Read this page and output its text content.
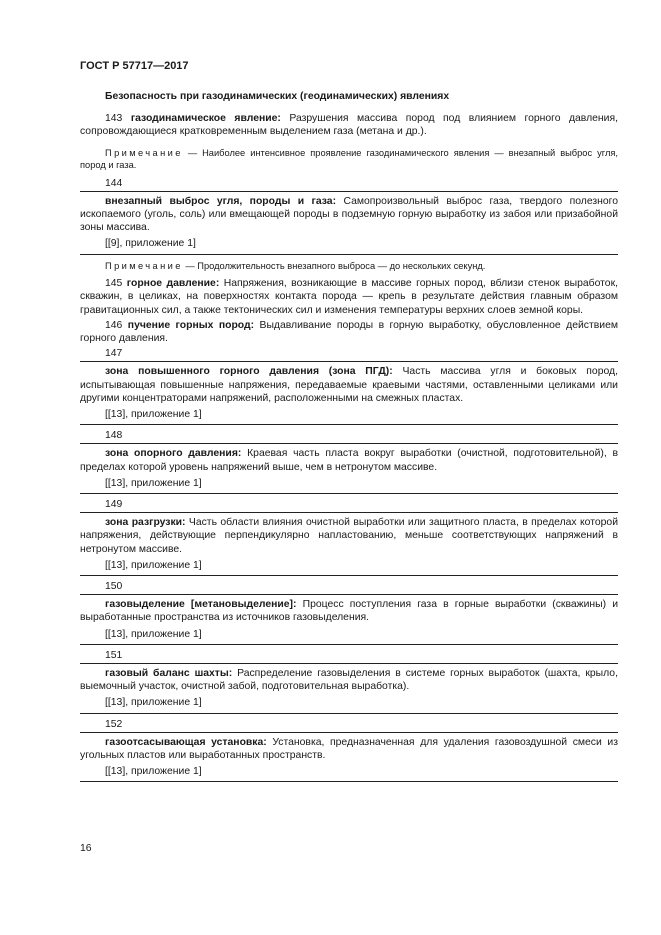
ГОСТ Р 57717—2017
Безопасность при газодинамических (геодинамических) явлениях

143 газодинамическое явление: Разрушения массива пород под влиянием горного давления, сопровождающиеся кратковременным выделением газа (метана и др.).

Примечание — Наиболее интенсивное проявление газодинамического явления — внезапный выброс угля, пород и газа.

144

внезапный выброс угля, породы и газа: Самопроизвольный выброс газа, твердого полезного ископаемого (уголь, соль) или вмещающей породы в подземную горную выработку из забоя или призабойной зоны массива.

[[9], приложение 1]

Примечание — Продолжительность внезапного выброса — до нескольких секунд.

145 горное давление: Напряжения, возникающие в массиве горных пород, вблизи стенок выработок, скважин, в целиках, на поверхностях контакта порода — крепь в результате действия главным образом гравитационных сил, а также тектонических сил и изменения температуры верхних слоев земной коры.

146 пучение горных пород: Выдавливание породы в горную выработку, обусловленное действием горного давления.

147

зона повышенного горного давления (зона ПГД): Часть массива угля и боковых пород, испытывающая повышенные напряжения, передаваемые краевыми частями, оставленными целиками или другими концентраторами напряжений, расположенными на смежных пластах.

[[13], приложение 1]
148

зона опорного давления: Краевая часть пласта вокруг выработки (очистной, подготовительной), в пределах которой уровень напряжений выше, чем в нетронутом массиве.

[[13], приложение 1]
149

зона разгрузки: Часть области влияния очистной выработки или защитного пласта, в пределах которой напряжения, действующие перпендикулярно напластованию, меньше соответствующих напряжений в нетронутом массиве.

[[13], приложение 1]
150

газовыделение [метановыделение]: Процесс поступления газа в горные выработки (скважины) и выработанные пространства из источников газовыделения.

[[13], приложение 1]
151

газовый баланс шахты: Распределение газовыделения в системе горных выработок (шахта, крыло, выемочный участок, очистной забой, подготовительная выработка).

[[13], приложение 1]
152

газоотсасывающая установка: Установка, предназначенная для удаления газовоздушной смеси из угольных пластов или выработанных пространств.

[[13], приложение 1]
16
